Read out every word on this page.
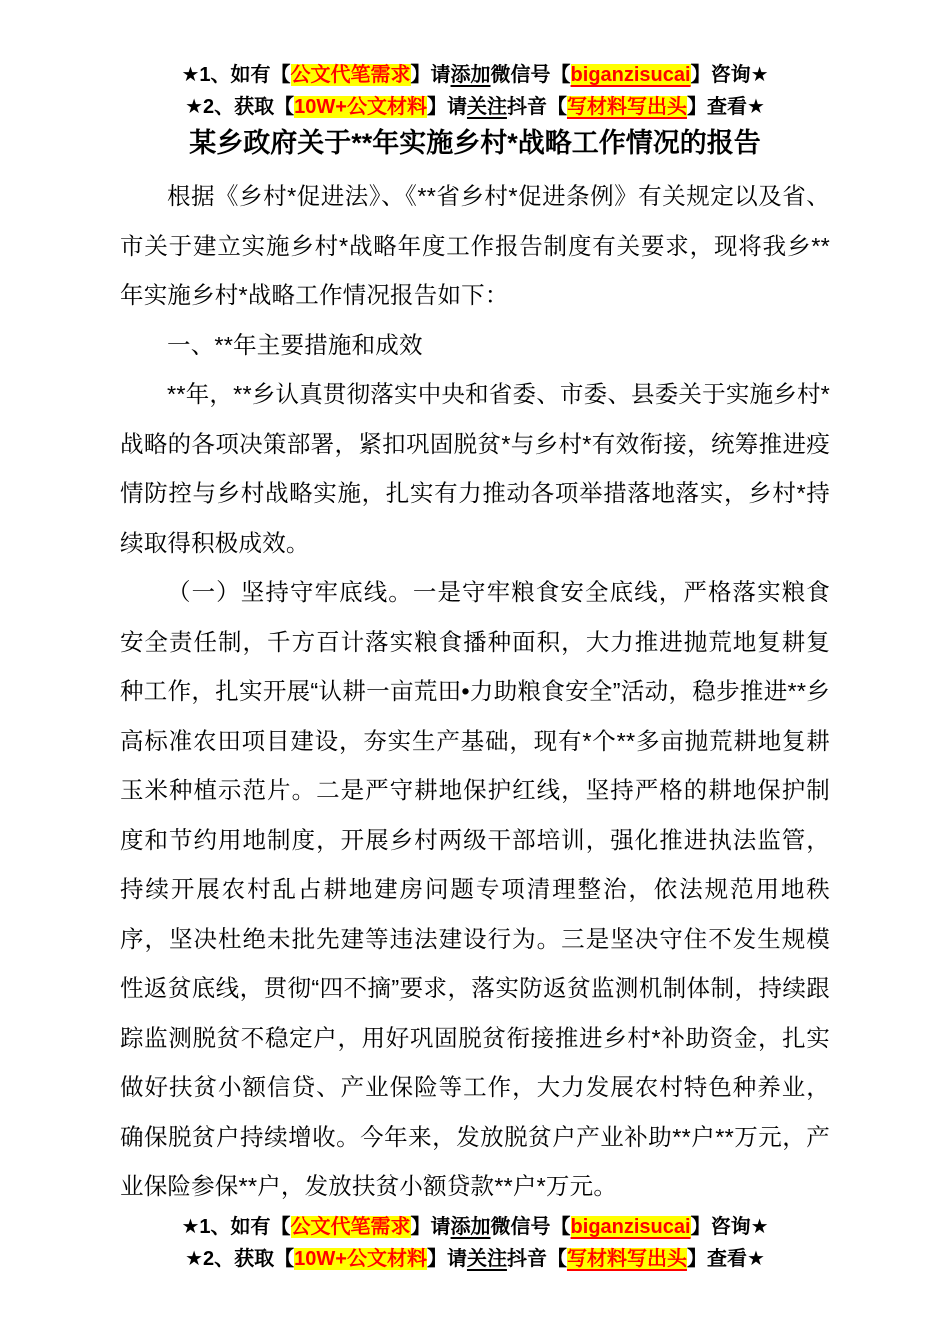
★1、如有【公文代笔需求】请添加微信号【biganzisucai】咨询★
★2、获取【10W+公文材料】请关注抖音【写材料写出头】查看★
某乡政府关于**年实施乡村*战略工作情况的报告

根据《乡村*促进法》、《**省乡村*促进条例》有关规定以及省、市关于建立实施乡村*战略年度工作报告制度有关要求，现将我乡**年实施乡村*战略工作情况报告如下：

一、**年主要措施和成效

**年，**乡认真贯彻落实中央和省委、市委、县委关于实施乡村*战略的各项决策部署，紧扣巩固脱贫*与乡村*有效衔接，统筹推进疫情防控与乡村战略实施，扎实有力推动各项举措落地落实，乡村*持续取得积极成效。

（一）坚持守牢底线。一是守牢粮食安全底线，严格落实粮食安全责任制，千方百计落实粮食播种面积，大力推进抛荒地复耕复种工作，扎实开展“认耕一亩荒田•力助粮食安全”活动，稳步推进**乡高标准农田项目建设，夯实生产基础，现有*个**多亩抛荒耕地复耕玉米种植示范片。二是严守耕地保护红线，坚持严格的耕地保护制度和节约用地制度，开展乡村两级干部培训，强化推进执法监管，持续开展农村乱占耕地建房问题专项清理整治，依法规范用地秩序，坚决杜绝未批先建等违法建设行为。三是坚决守住不发生规模性返贫底线，贯彻“四不摘”要求，落实防返贫监测机制体制，持续跟踪监测脱贫不稳定户，用好巩固脱贫衔接推进乡村*补助资金，扎实做好扶贫小额信贷、产业保险等工作，大力发展农村特色种养业，确保脱贫户持续增收。今年来，发放脱贫户产业补助**户**万元，产业保险参保**户，发放扶贫小额贷款**户*万元。

★1、如有【公文代笔需求】请添加微信号【biganzisucai】咨询★
★2、获取【10W+公文材料】请关注抖音【写材料写出头】查看★
